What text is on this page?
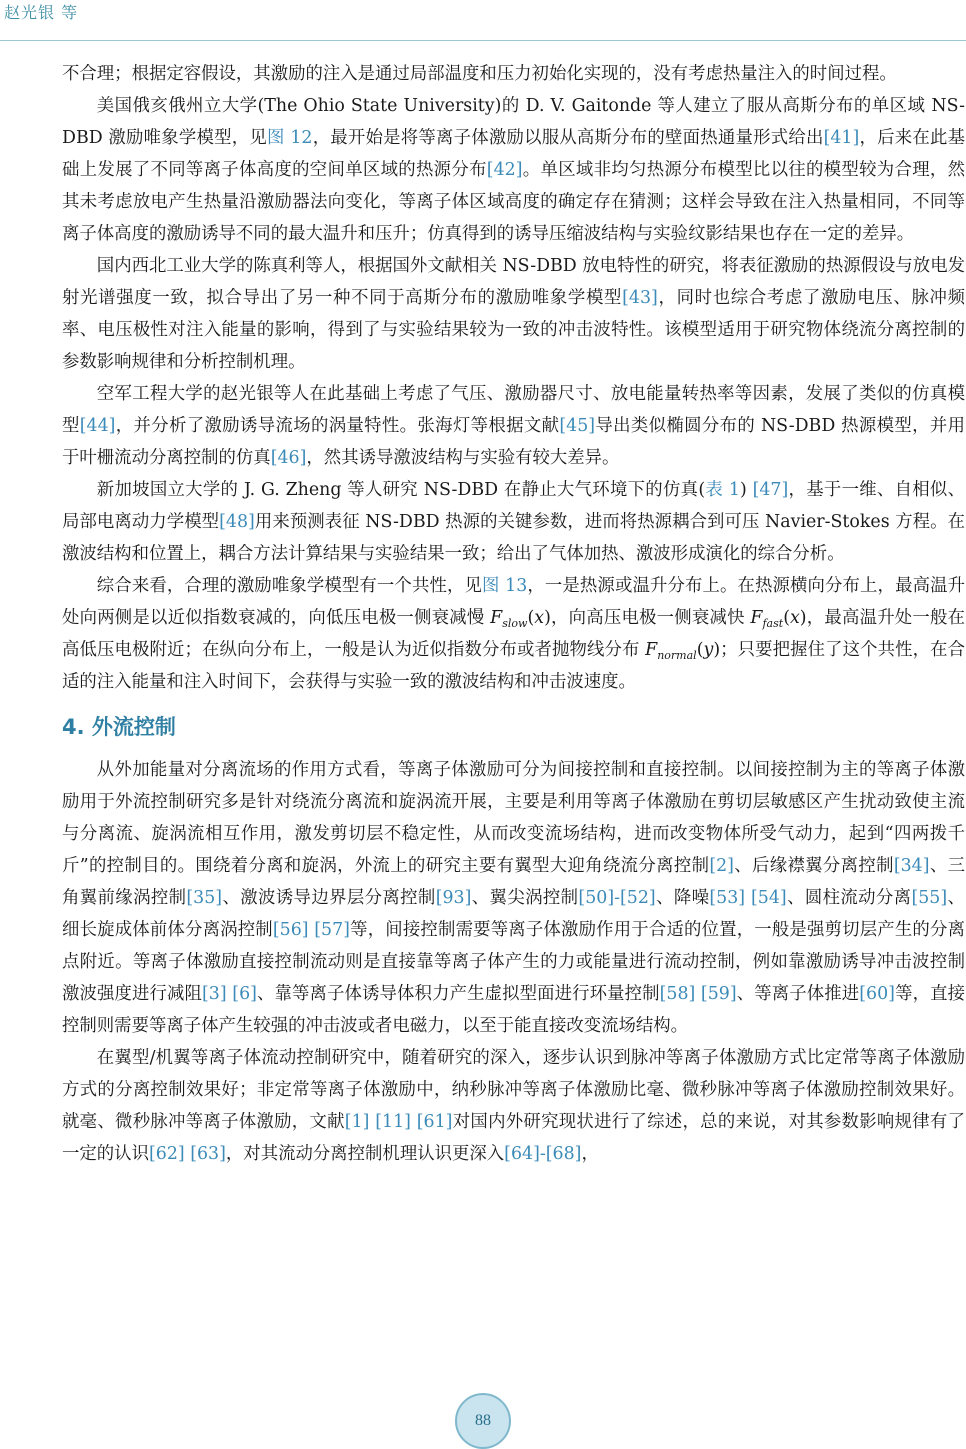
赵光银 等

不合理；根据定容假设，其激励的注入是通过局部温度和压力初始化实现的，没有考虑热量注入的时间过程。

美国俄亥俄州立大学(The Ohio State University)的 D. V. Gaitonde 等人建立了服从高斯分布的单区域 NS-DBD 激励唯象学模型，见图 12，最开始是将等离子体激励以服从高斯分布的壁面热通量形式给出[41]，后来在此基础上发展了不同等离子体高度的空间单区域的热源分布[42]。单区域非均匀热源分布模型比以往的模型较为合理，然其未考虑放电产生热量沿激励器法向变化，等离子体区域高度的确定存在猜测；这样会导致在注入热量相同，不同等离子体高度的激励诱导不同的最大温升和压升；仿真得到的诱导压缩波结构与实验纹影结果也存在一定的差异。

国内西北工业大学的陈真利等人，根据国外文献相关 NS-DBD 放电特性的研究，将表征激励的热源假设与放电发射光谱强度一致，拟合导出了另一种不同于高斯分布的激励唯象学模型[43]，同时也综合考虑了激励电压、脉冲频率、电压极性对注入能量的影响，得到了与实验结果较为一致的冲击波特性。该模型适用于研究物体绕流分离控制的参数影响规律和分析控制机理。

空军工程大学的赵光银等人在此基础上考虑了气压、激励器尺寸、放电能量转热率等因素，发展了类似的仿真模型[44]，并分析了激励诱导流场的涡量特性。张海灯等根据文献[45]导出类似椭圆分布的 NS-DBD 热源模型，并用于叶栅流动分离控制的仿真[46]，然其诱导激波结构与实验有较大差异。

新加坡国立大学的 J. G. Zheng 等人研究 NS-DBD 在静止大气环境下的仿真(表 1) [47]，基于一维、自相似、局部电离动力学模型[48]用来预测表征 NS-DBD 热源的关键参数，进而将热源耦合到可压 Navier-Stokes 方程。在激波结构和位置上，耦合方法计算结果与实验结果一致；给出了气体加热、激波形成演化的综合分析。

综合来看，合理的激励唯象学模型有一个共性，见图 13，一是热源或温升分布上。在热源横向分布上，最高温升处向两侧是以近似指数衰减的，向低压电极一侧衰减慢 $F_{slow}(x)$，向高压电极一侧衰减快 $F_{fast}(x)$，最高温升处一般在高低压电极附近；在纵向分布上，一般是认为近似指数分布或者抛物线分布 $F_{normal}(y)$；只要把握住了这个共性，在合适的注入能量和注入时间下，会获得与实验一致的激波结构和冲击波速度。

4. 外流控制

从外加能量对分离流场的作用方式看，等离子体激励可分为间接控制和直接控制。以间接控制为主的等离子体激励用于外流控制研究多是针对绕流分离流和旋涡流开展，主要是利用等离子体激励在剪切层敏感区产生扰动致使主流与分离流、旋涡流相互作用，激发剪切层不稳定性，从而改变流场结构，进而改变物体所受气动力，起到“四两拨千斤”的控制目的。围绕着分离和旋涡，外流上的研究主要有翼型大迎角绕流分离控制[2]、后缘襟翼分离控制[34]、三角翼前缘涡控制[35]、激波诱导边界层分离控制[93]、翼尖涡控制[50]-[52]、降噪[53] [54]、圆柱流动分离[55]、细长旋成体前体分离涡控制[56] [57]等，间接控制需要等离子体激励作用于合适的位置，一般是强剪切层产生的分离点附近。等离子体激励直接控制流动则是直接靠等离子体产生的力或能量进行流动控制，例如靠激励诱导冲击波控制激波强度进行减阻[3] [6]、靠等离子体诱导体积力产生虚拟型面进行环量控制[58] [59]、等离子体推进[60]等，直接控制则需要等离子体产生较强的冲击波或者电磁力，以至于能直接改变流场结构。

在翼型/机翼等离子体流动控制研究中，随着研究的深入，逐步认识到脉冲等离子体激励方式比定常等离子体激励方式的分离控制效果好；非定常等离子体激励中，纳秒脉冲等离子体激励比毫、微秒脉冲等离子体激励控制效果好。就毫、微秒脉冲等离子体激励，文献[1] [11] [61]对国内外研究现状进行了综述，总的来说，对其参数影响规律有了一定的认识[62] [63]，对其流动分离控制机理认识更深入[64]-[68]，

88
